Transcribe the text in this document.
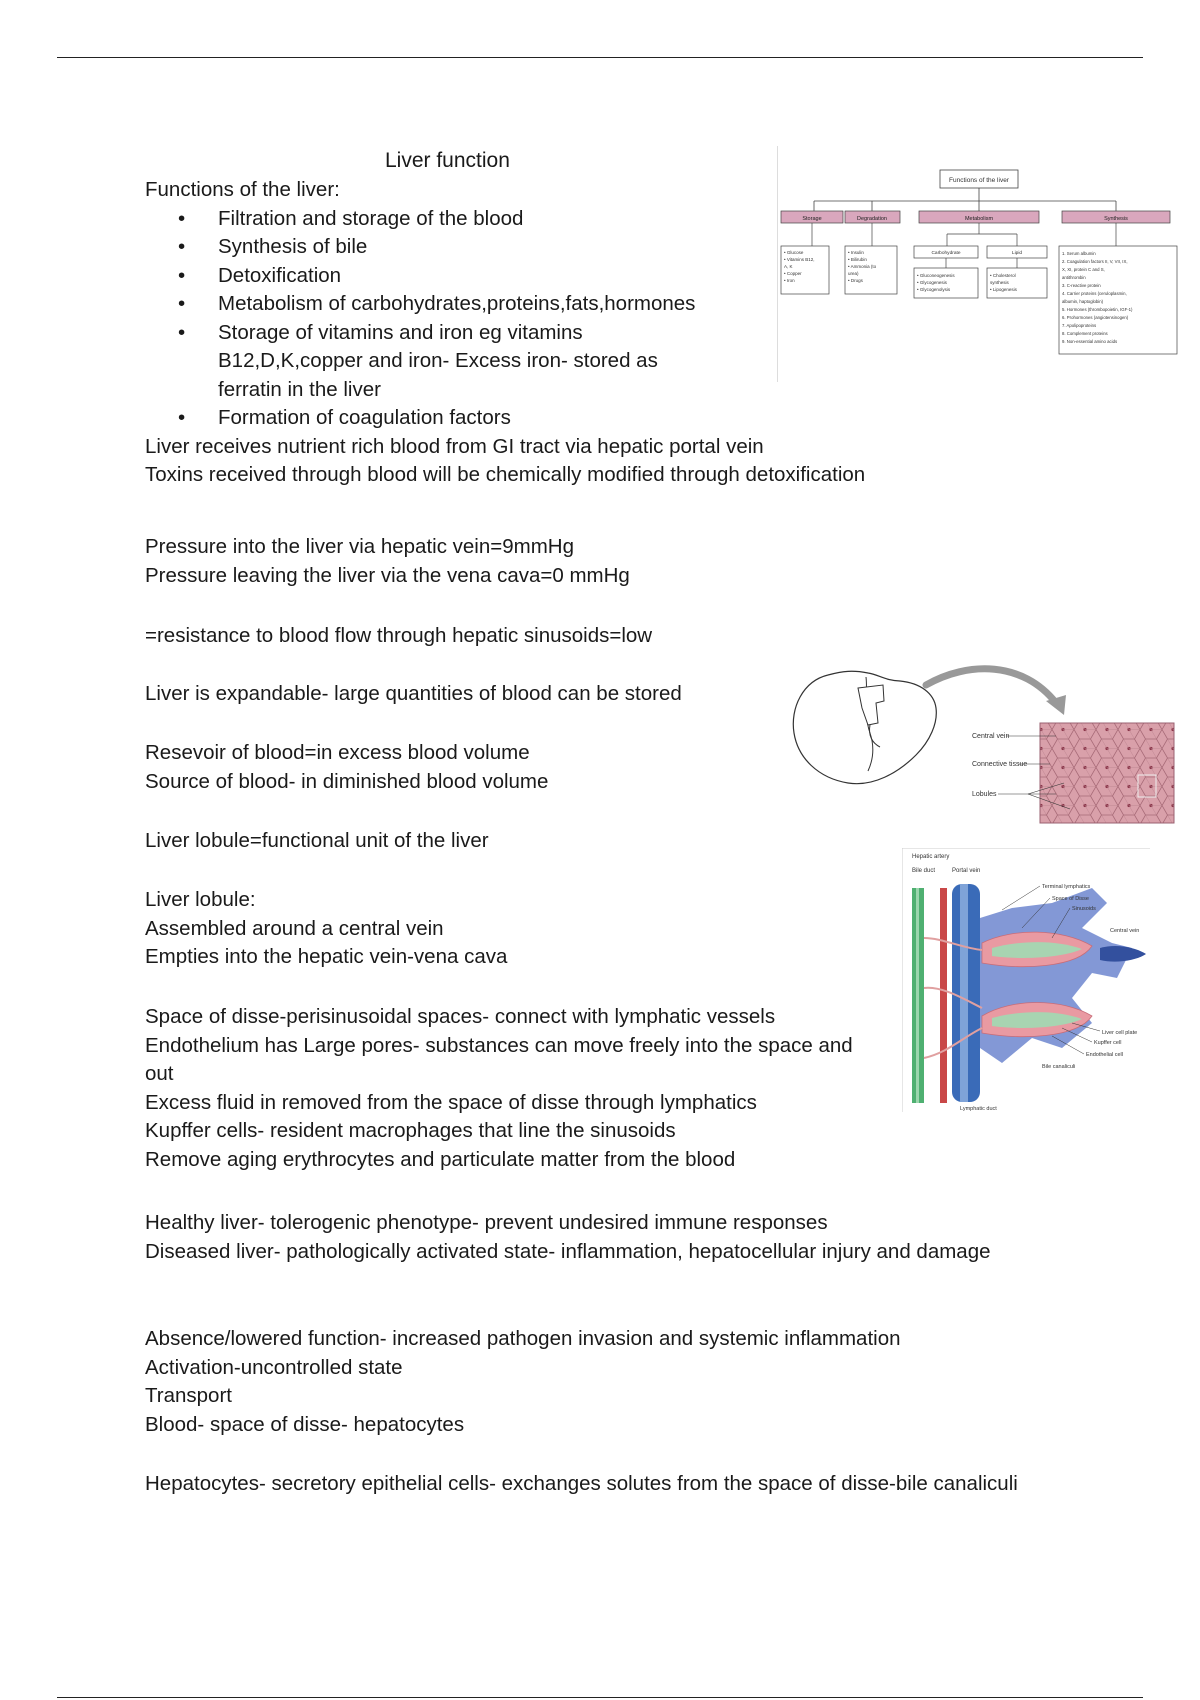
Liver function

Functions of the liver:

• Filtration and storage of the blood
• Synthesis of bile
• Detoxification
• Metabolism of carbohydrates,proteins,fats,hormones
• Storage of vitamins and iron eg vitamins B12,D,K,copper and iron- Excess iron- stored as ferratin in the liver
• Formation of coagulation factors

Liver receives nutrient rich blood from GI tract via hepatic portal vein

Toxins received through blood will be chemically modified through detoxification

Pressure into the liver via hepatic vein=9mmHg

Pressure leaving the liver via the vena cava=0 mmHg

=resistance to blood flow through hepatic sinusoids=low

Liver is expandable- large quantities of blood can be stored

Resevoir of blood=in excess blood volume

Source of blood- in diminished blood volume

Liver lobule=functional unit of the liver

Liver lobule:

Assembled around a central vein

Empties into the hepatic vein-vena cava

Space of disse-perisinusoidal spaces- connect with lymphatic vessels

Endothelium has Large pores- substances can move freely into the space and out

Excess fluid in removed from the space of disse through lymphatics

Kupffer cells- resident macrophages that line the sinusoids

Remove aging erythrocytes and particulate matter from the blood

Healthy liver- tolerogenic phenotype- prevent undesired immune responses

Diseased liver- pathologically activated state- inflammation, hepatocellular injury and damage

Absence/lowered function- increased pathogen invasion and systemic inflammation

Activation-uncontrolled state

Transport

Blood- space of disse- hepatocytes

Hepatocytes- secretory epithelial cells- exchanges solutes from the space of disse-bile canaliculi

Functions of the liver
Storage	Degradation	Metabolism	Synthesis
• Glucose • Vitamins B12, A, K • Copper • Iron
• Insulin • Bilirubin • Ammonia (to urea) • Drugs
Carbohydrate	Lipid
• Gluconeogenesis • Glycogenesis • Glycogenolysis
• Cholesterol synthesis • Lipogenesis
1. Serum albumin 2. Coagulation factors II, V, VII, IX, X, XI, protein C and S, antithrombin 3. C-reactive protein 4. Carrier proteins (ceruloplasmin, albumin, haptoglobin) 5. Hormones (thrombopoietin, IGF-1) 6. Prohormones (angiotensinogen) 7. Apolipoproteins 8. Complement proteins 9. Non-essential amino acids
Central vein
Connective tissue
Lobules
Hepatic artery
Bile duct	Portal vein
Terminal lymphatics
Space of Disse
Sinusoids
Central vein
Liver cell plate
Kupffer cell
Endothelial cell
Bile canaliculi
Lymphatic duct
